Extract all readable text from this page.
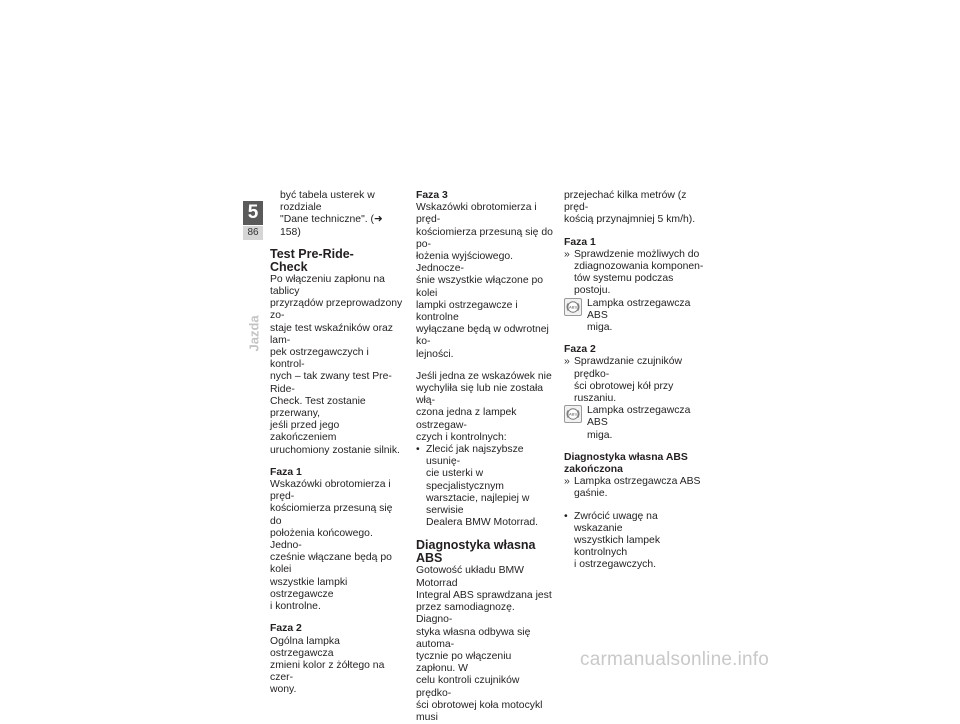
5
86
Jazda

być tabela usterek w rozdziale

"Dane techniczne". (➜ 158)

Test Pre-Ride-
Check

Po włączeniu zapłonu na tablicy

przyrządów przeprowadzony zo-

staje test wskaźników oraz lam-

pek ostrzegawczych i kontrol-

nych – tak zwany test Pre-Ride-

Check. Test zostanie przerwany,

jeśli przed jego zakończeniem

uruchomiony zostanie silnik.

Faza 1

Wskazówki obrotomierza i pręd-

kościomierza przesuną się do

położenia końcowego. Jedno-

cześnie włączane będą po kolei

wszystkie lampki ostrzegawcze

i kontrolne.

Faza 2

Ogólna lampka ostrzegawcza

zmieni kolor z żółtego na czer-

wony.

Faza 3

Wskazówki obrotomierza i pręd-

kościomierza przesuną się do po-

łożenia wyjściowego. Jednocze-

śnie wszystkie włączone po kolei

lampki ostrzegawcze i kontrolne

wyłączane będą w odwrotnej ko-

lejności.

Jeśli jedna ze wskazówek nie

wychyliła się lub nie została włą-

czona jedna z lampek ostrzegaw-

czych i kontrolnych:

• Zlecić jak najszybsze usunię-

cie usterki w specjalistycznym

warsztacie, najlepiej w serwisie

Dealera BMW Motorrad.

Diagnostyka własna ABS

Gotowość układu BMW Motorrad

Integral ABS sprawdzana jest

przez samodiagnozę. Diagno-

styka własna odbywa się automa-

tycznie po włączeniu zapłonu. W

celu kontroli czujników prędko-

ści obrotowej koła motocykl musi

przejechać kilka metrów (z pręd-

kością przynajmniej 5 km/h).

Faza 1
» Sprawdzenie możliwych do

zdiagnozowania komponen-

tów systemu podczas postoju.

ABS Lampka ostrzegawcza ABS

miga.

Faza 2
» Sprawdzanie czujników prędko-

ści obrotowej kół przy ruszaniu.

ABS Lampka ostrzegawcza ABS

miga.

Diagnostyka własna ABS
zakończona
» Lampka ostrzegawcza ABS

gaśnie.

• Zwrócić uwagę na wskazanie

wszystkich lampek kontrolnych

i ostrzegawczych.

carmanualsonline.info
